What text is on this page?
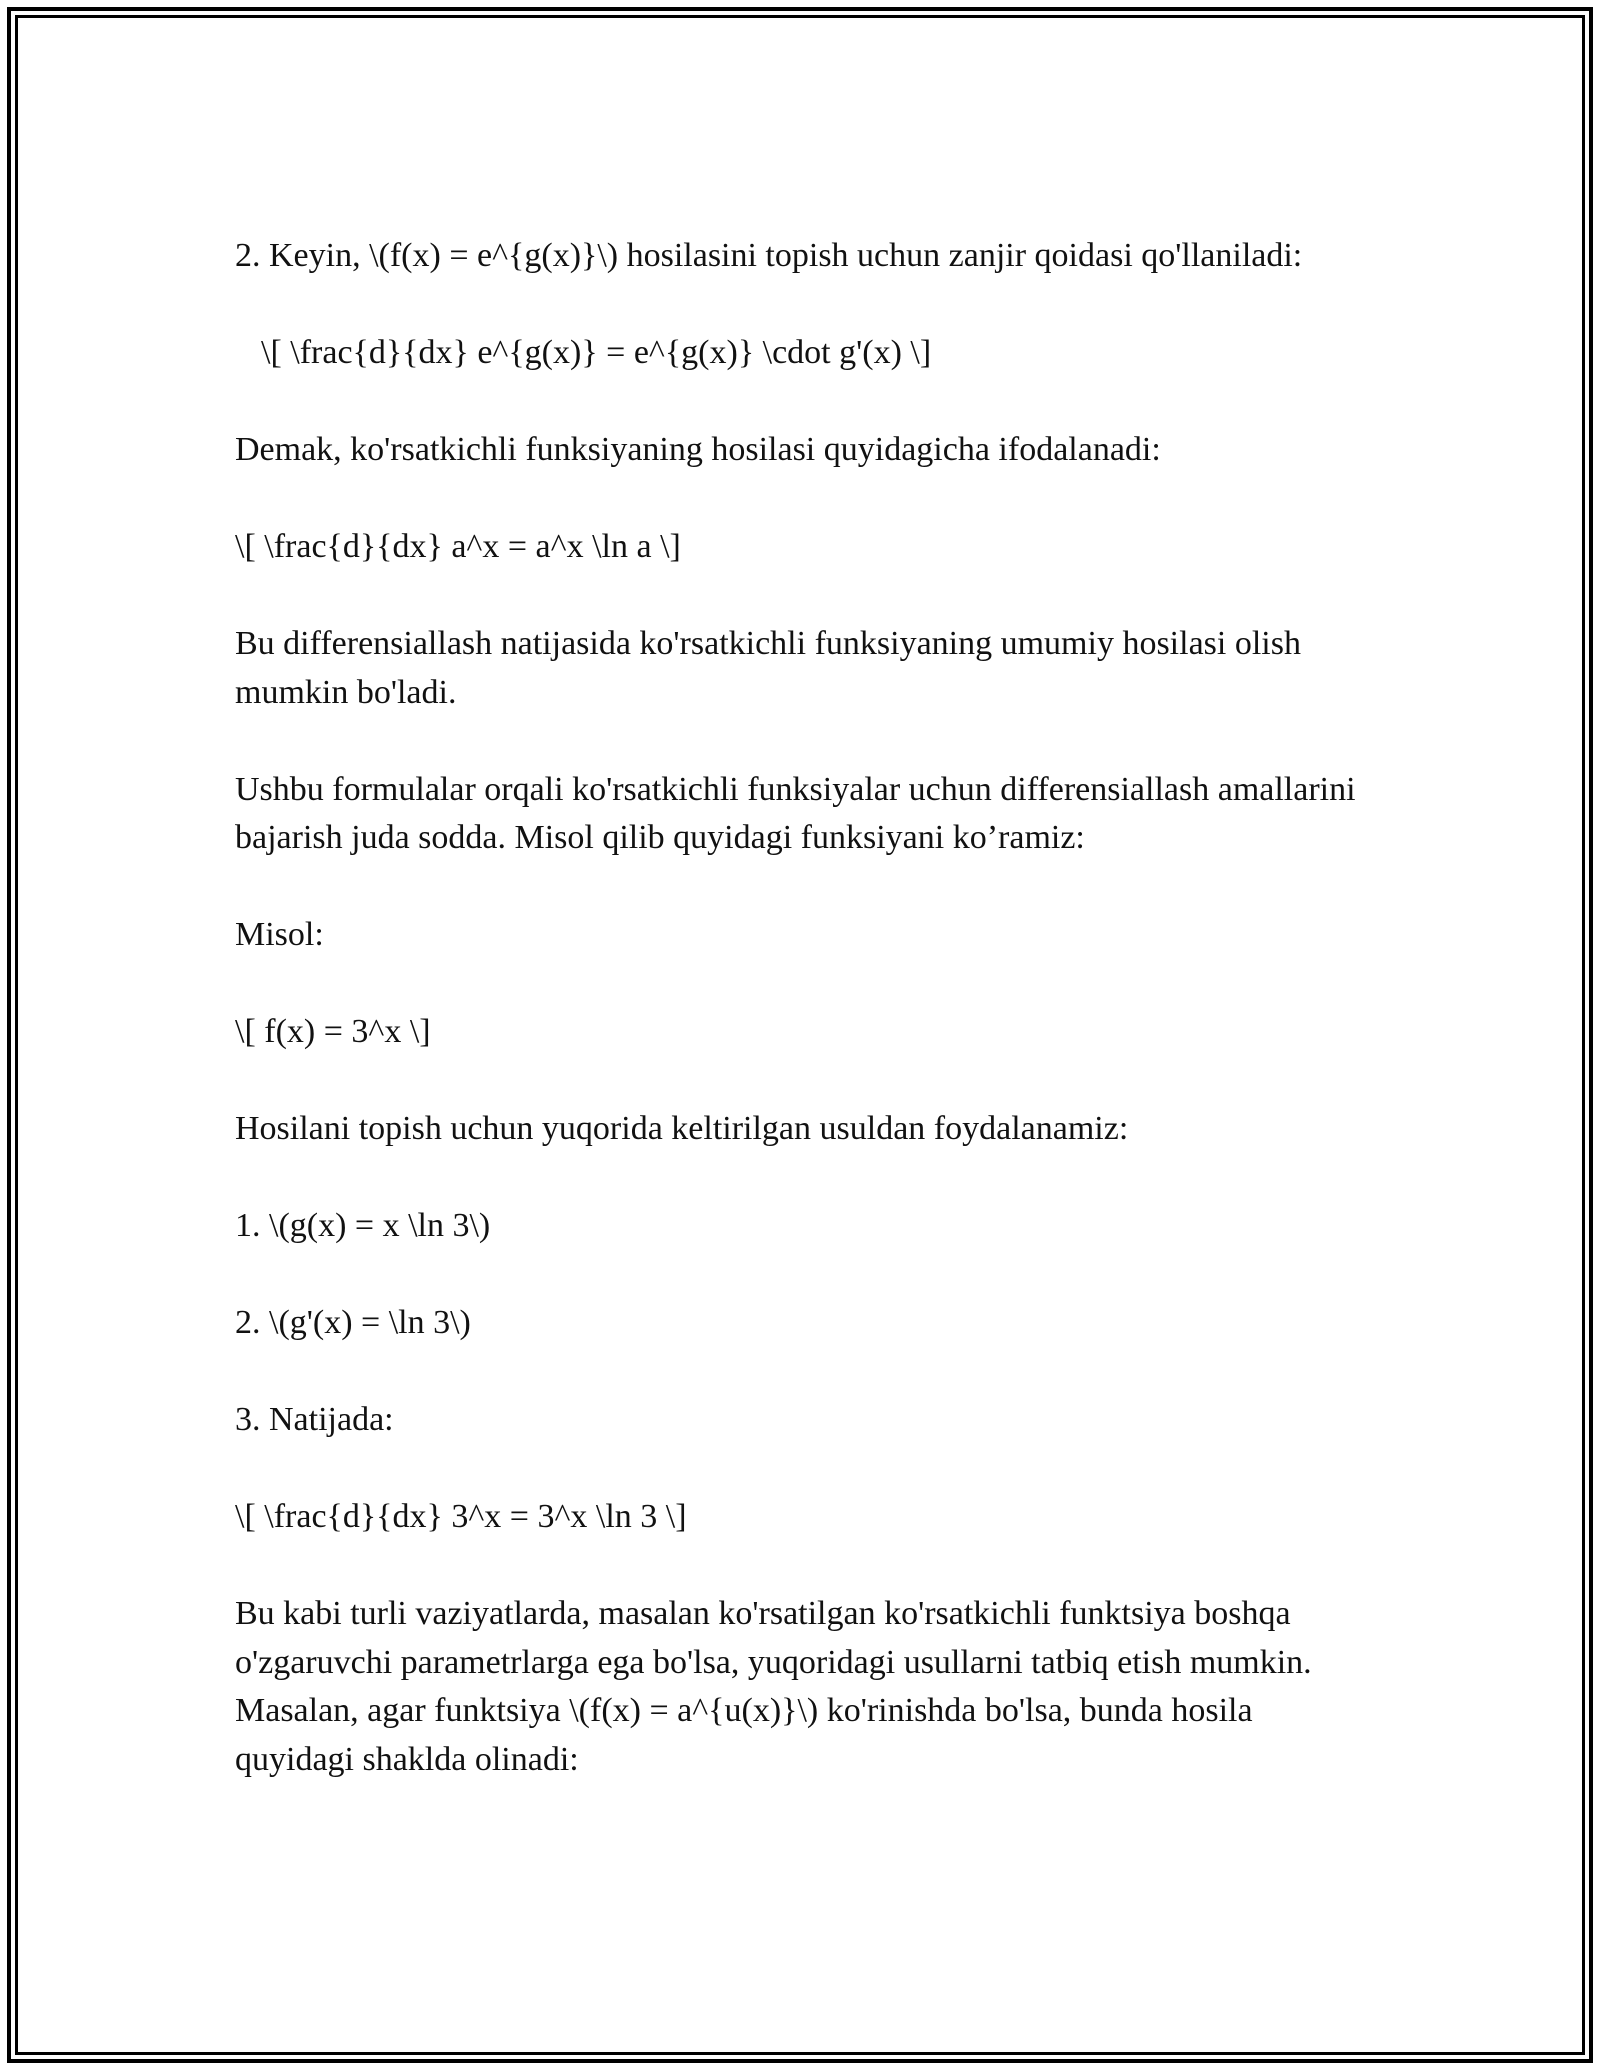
2. Keyin, \(f(x) = e^{g(x)}\) hosilasini topish uchun zanjir qoidasi qo'llaniladi:

\[ \frac{d}{dx} e^{g(x)} = e^{g(x)} \cdot g'(x) \]

Demak, ko'rsatkichli funksiyaning hosilasi quyidagicha ifodalanadi:

\[ \frac{d}{dx} a^x = a^x \ln a \]

Bu differensiallash natijasida ko'rsatkichli funksiyaning umumiy hosilasi olish mumkin bo'ladi.

Ushbu formulalar orqali ko'rsatkichli funksiyalar uchun differensiallash amallarini bajarish juda sodda. Misol qilib quyidagi funksiyani ko’ramiz:

Misol:

\[ f(x) = 3^x \]

Hosilani topish uchun yuqorida keltirilgan usuldan foydalanamiz:

1. \(g(x) = x \ln 3\)

2. \(g'(x) = \ln 3\)

3. Natijada:

\[ \frac{d}{dx} 3^x = 3^x \ln 3 \]

Bu kabi turli vaziyatlarda, masalan ko'rsatilgan ko'rsatkichli funktsiya boshqa o'zgaruvchi parametrlarga ega bo'lsa, yuqoridagi usullarni tatbiq etish mumkin. Masalan, agar funktsiya \(f(x) = a^{u(x)}\) ko'rinishda bo'lsa, bunda hosila quyidagi shaklda olinadi:
